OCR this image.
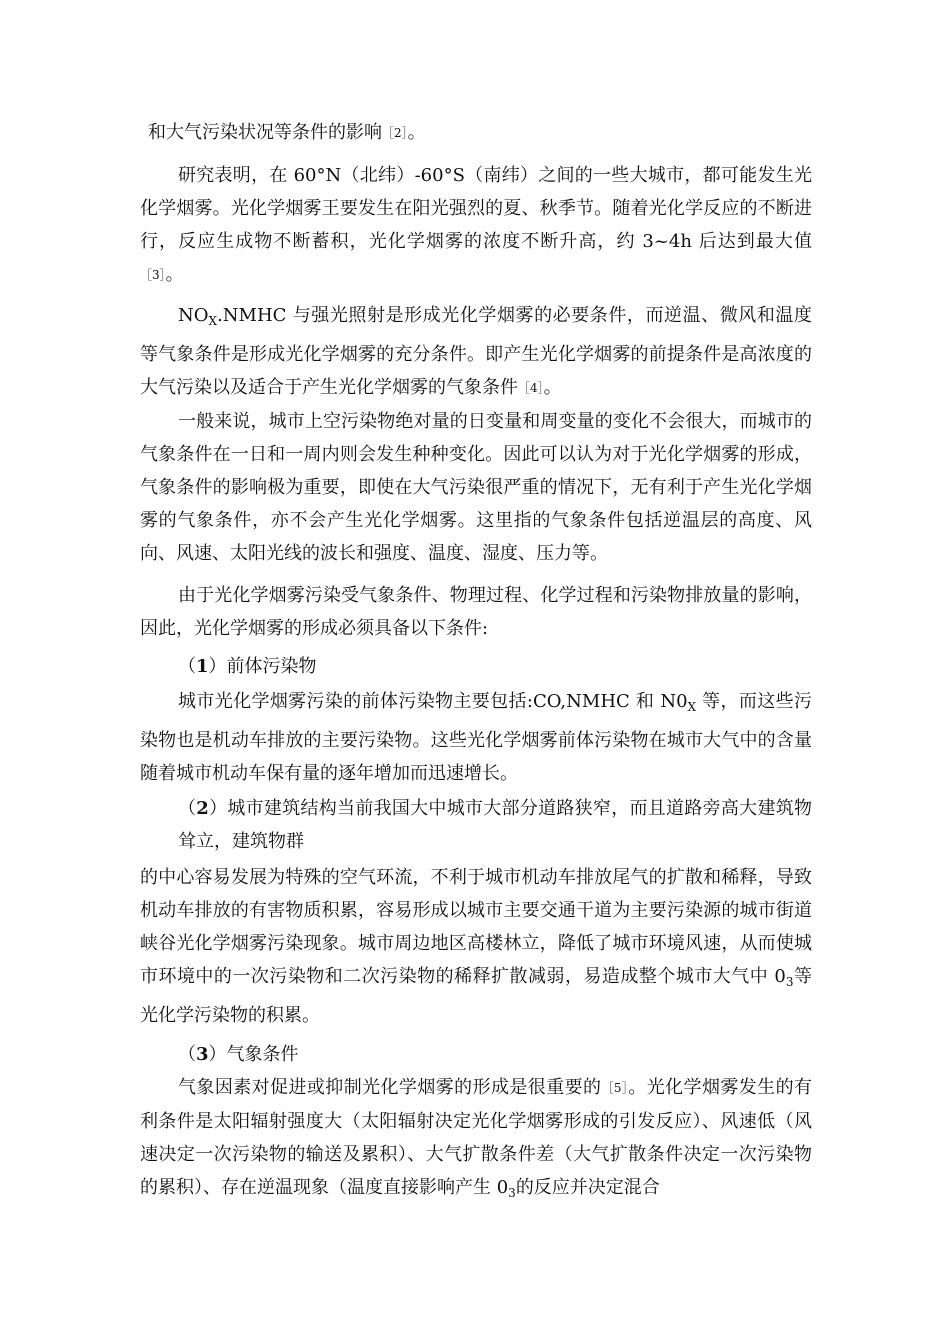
和大气污染状况等条件的影响［2］。

研究表明，在 60°N（北纬）-60°S（南纬）之间的一些大城市，都可能发生光化学烟雾。光化学烟雾王要发生在阳光强烈的夏、秋季节。随着光化学反应的不断进行，反应生成物不断蓄积，光化学烟雾的浓度不断升高，约 3~4h 后达到最大值［3］。

$NO_X.NMHC$ 与强光照射是形成光化学烟雾的必要条件，而逆温、微风和温度等气象条件是形成光化学烟雾的充分条件。即产生光化学烟雾的前提条件是高浓度的大气污染以及适合于产生光化学烟雾的气象条件［4］。

一般来说，城市上空污染物绝对量的日变量和周变量的变化不会很大，而城市的气象条件在一日和一周内则会发生种种变化。因此可以认为对于光化学烟雾的形成，气象条件的影响极为重要，即使在大气污染很严重的情况下，无有利于产生光化学烟雾的气象条件，亦不会产生光化学烟雾。这里指的气象条件包括逆温层的高度、风向、风速、太阳光线的波长和强度、温度、湿度、压力等。

由于光化学烟雾污染受气象条件、物理过程、化学过程和污染物排放量的影响，因此，光化学烟雾的形成必须具备以下条件:

（1）前体污染物

城市光化学烟雾污染的前体污染物主要包括:CO,NMHC 和 $N0_X$ 等，而这些污染物也是机动车排放的主要污染物。这些光化学烟雾前体污染物在城市大气中的含量随着城市机动车保有量的逐年增加而迅速增长。

（2）城市建筑结构当前我国大中城市大部分道路狭窄，而且道路旁高大建筑物耸立，建筑物群

的中心容易发展为特殊的空气环流，不利于城市机动车排放尾气的扩散和稀释，导致机动车排放的有害物质积累，容易形成以城市主要交通干道为主要污染源的城市街道峡谷光化学烟雾污染现象。城市周边地区高楼林立，降低了城市环境风速，从而使城市环境中的一次污染物和二次污染物的稀释扩散减弱，易造成整个城市大气中 $0_3$等光化学污染物的积累。

（3）气象条件

气象因素对促进或抑制光化学烟雾的形成是很重要的［5］。光化学烟雾发生的有利条件是太阳辐射强度大（太阳辐射决定光化学烟雾形成的引发反应）、风速低（风速决定一次污染物的输送及累积）、大气扩散条件差（大气扩散条件决定一次污染物的累积）、存在逆温现象（温度直接影响产生 $0_3$的反应并决定混合
